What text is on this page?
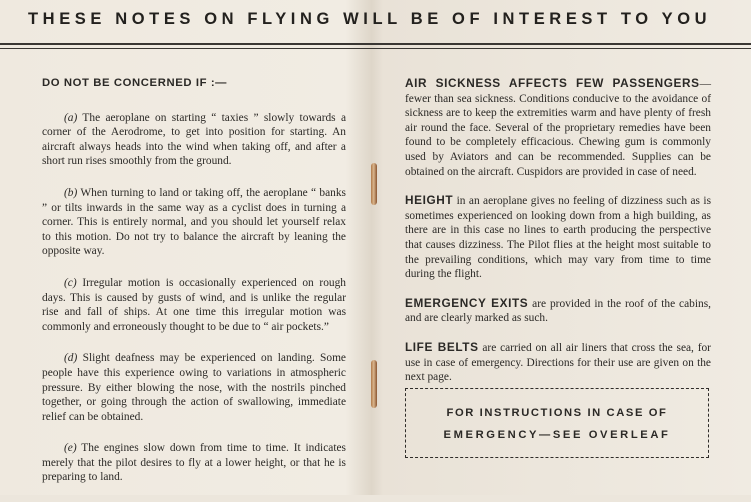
THESE NOTES ON FLYING WILL BE OF INTEREST TO YOU
DO NOT BE CONCERNED IF :—

(a) The aeroplane on starting “ taxies ” slowly towards a corner of the Aerodrome, to get into position for starting. An aircraft always heads into the wind when taking off, and after a short run rises smoothly from the ground.

(b) When turning to land or taking off, the aeroplane “ banks ” or tilts inwards in the same way as a cyclist does in turning a corner. This is entirely normal, and you should let yourself relax to this motion. Do not try to balance the aircraft by leaning the opposite way.

(c) Irregular motion is occasionally experienced on rough days. This is caused by gusts of wind, and is unlike the regular rise and fall of ships. At one time this irregular motion was commonly and erroneously thought to be due to “ air pockets.”

(d) Slight deafness may be experienced on landing. Some people have this experience owing to variations in atmospheric pressure. By either blowing the nose, with the nostrils pinched together, or going through the action of swallowing, immediate relief can be obtained.

(e) The engines slow down from time to time. It indicates merely that the pilot desires to fly at a lower height, or that he is preparing to land.

AIR SICKNESS AFFECTS FEW PASSENGERS—fewer than sea sickness. Conditions conducive to the avoidance of sickness are to keep the extremities warm and have plenty of fresh air round the face. Several of the proprietary remedies have been found to be completely efficacious. Chewing gum is commonly used by Aviators and can be recommended. Supplies can be obtained on the aircraft. Cuspidors are provided in case of need.

HEIGHT in an aeroplane gives no feeling of dizziness such as is sometimes experienced on looking down from a high building, as there are in this case no lines to earth producing the perspective that causes dizziness. The Pilot flies at the height most suitable to the prevailing conditions, which may vary from time to time during the flight.

EMERGENCY EXITS are provided in the roof of the cabins, and are clearly marked as such.

LIFE BELTS are carried on all air liners that cross the sea, for use in case of emergency. Directions for their use are given on the next page.

FOR INSTRUCTIONS IN CASE OF
EMERGENCY—SEE OVERLEAF
